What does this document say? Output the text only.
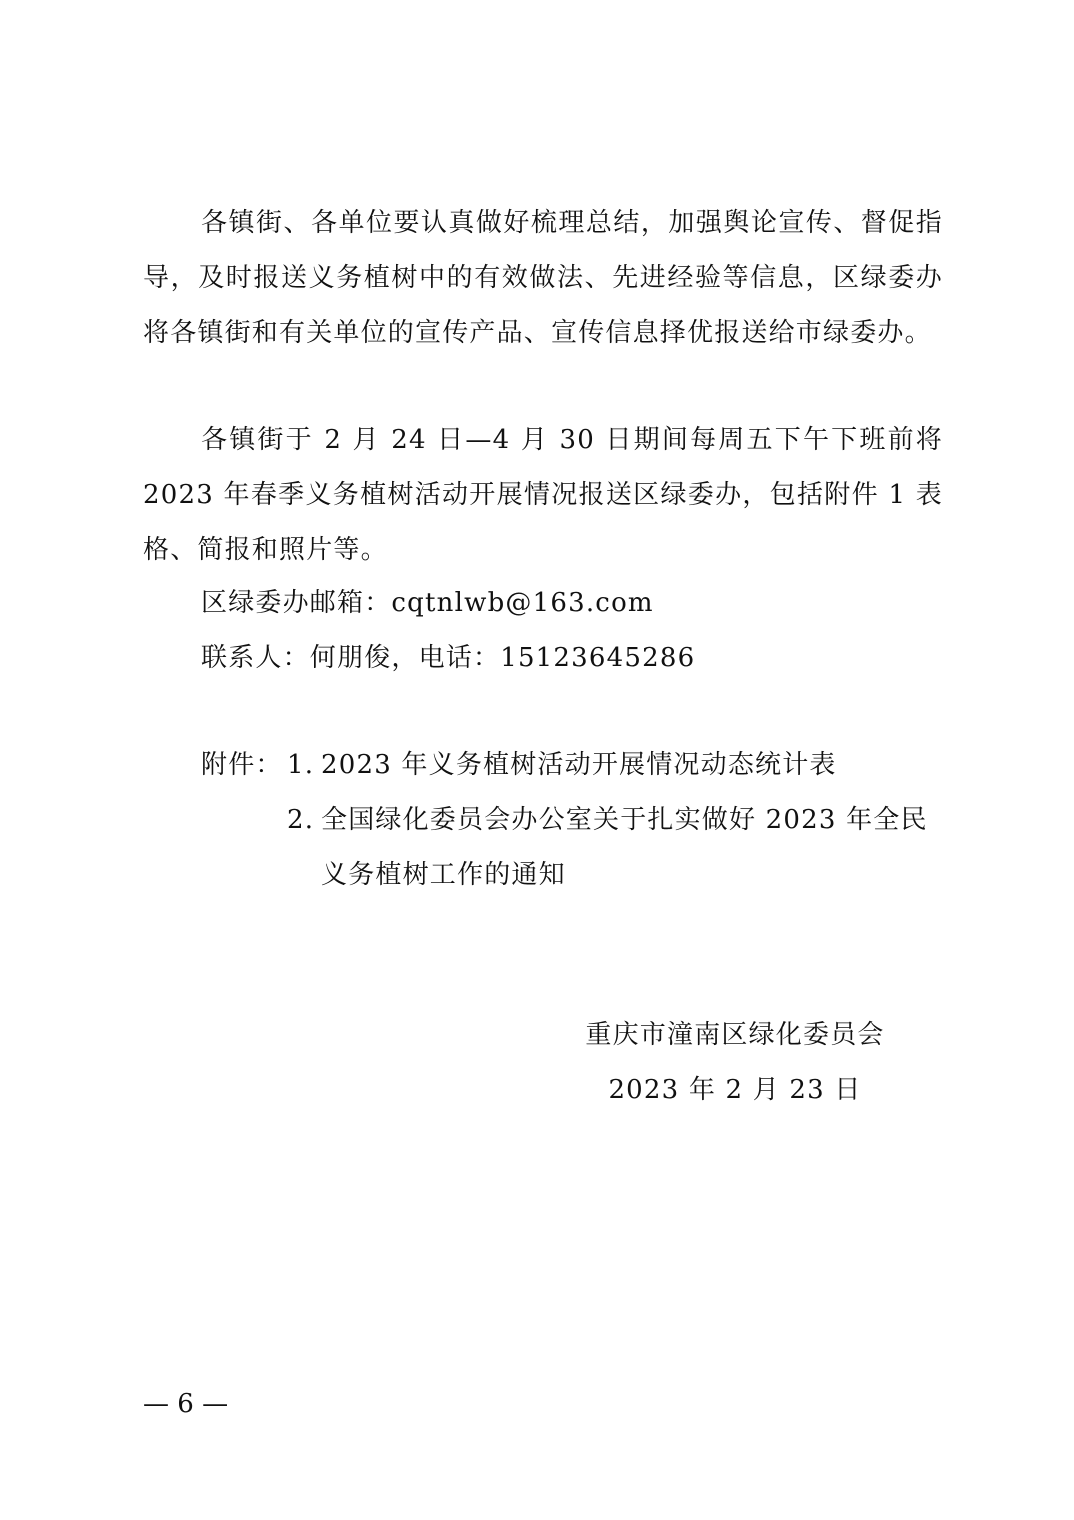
各镇街、各单位要认真做好梳理总结，加强舆论宣传、督促指导，及时报送义务植树中的有效做法、先进经验等信息，区绿委办将各镇街和有关单位的宣传产品、宣传信息择优报送给市绿委办。

各镇街于 2 月 24 日—4 月 30 日期间每周五下午下班前将 2023 年春季义务植树活动开展情况报送区绿委办，包括附件 1 表格、简报和照片等。

区绿委办邮箱：cqtnlwb@163.com

联系人：何朋俊，电话：15123645286

附件： 1. 2023 年义务植树活动开展情况动态统计表
2. 全国绿化委员会办公室关于扎实做好 2023 年全民义务植树工作的通知
重庆市潼南区绿化委员会
2023 年 2 月 23 日
— 6 —
